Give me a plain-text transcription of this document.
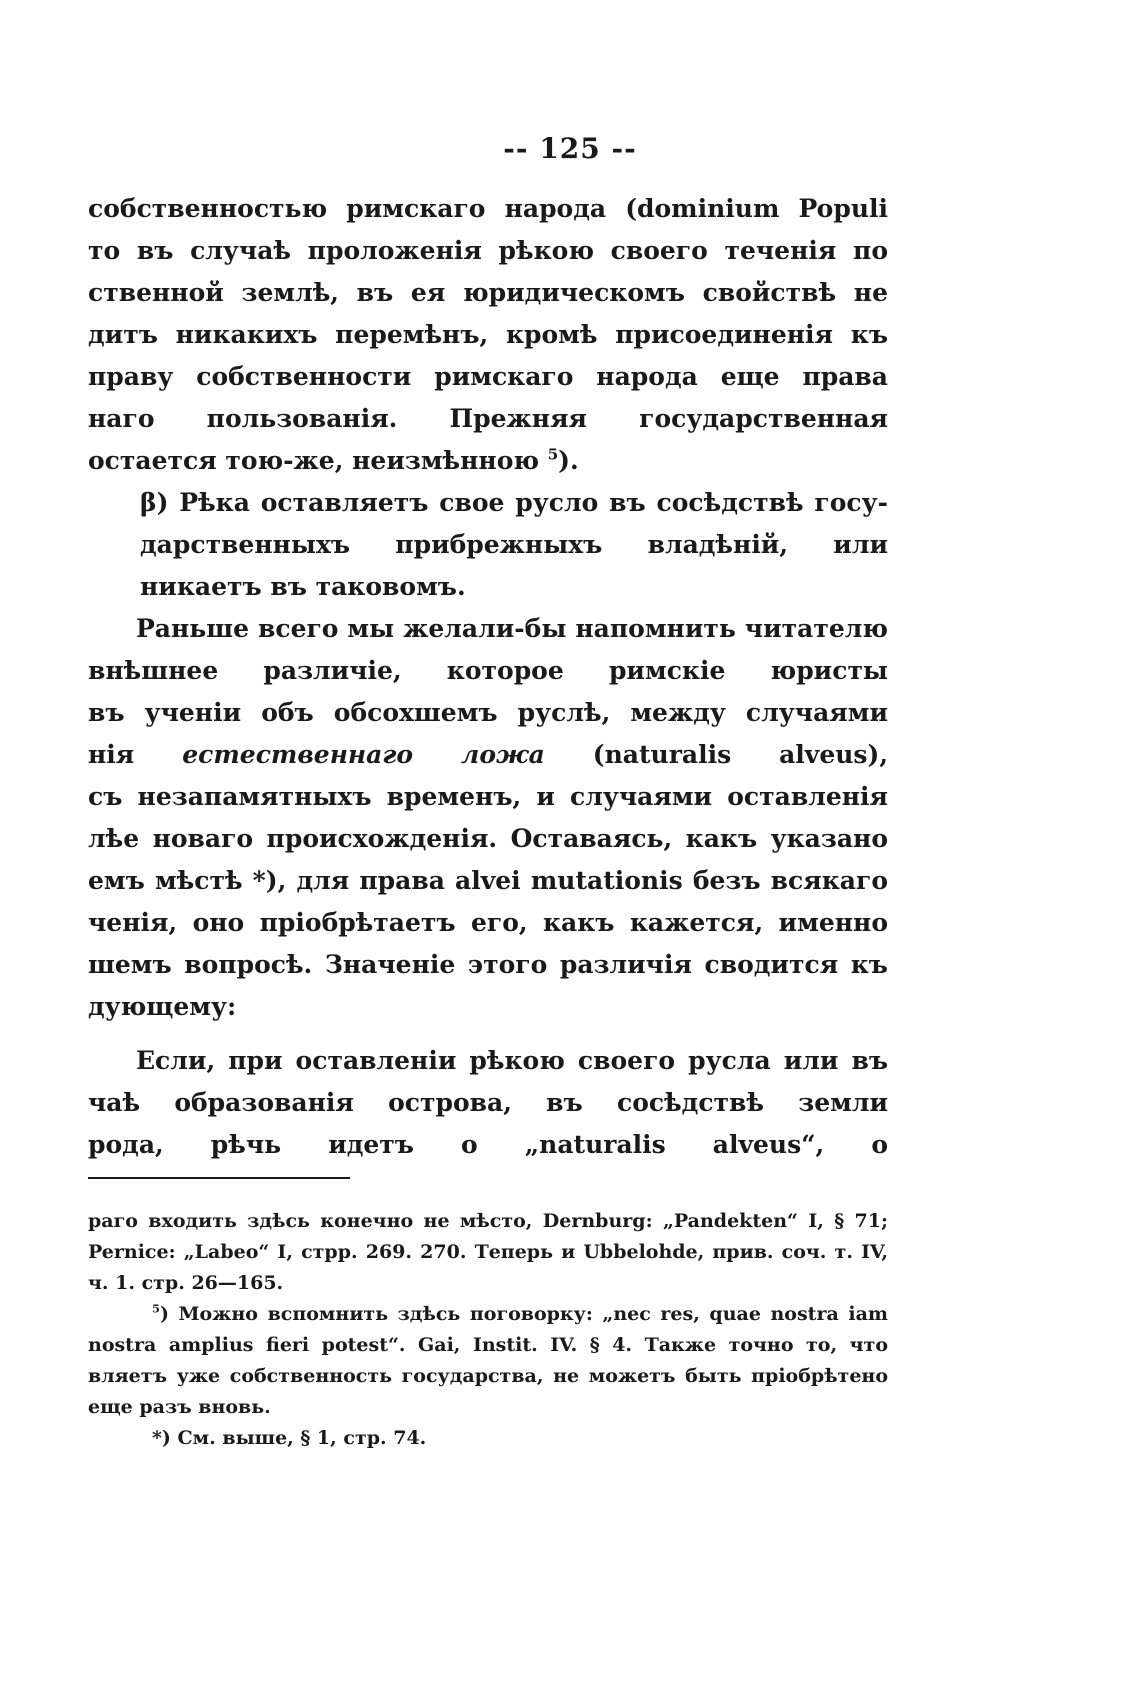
-- 125 --
собственностью римскаго народа (dominium Populi
то въ случаѣ проложенія рѣкою своего теченія по
ственной землѣ, въ ея юридическомъ свойствѣ не
дитъ никакихъ перемѣнъ, кромѣ присоединенія къ
праву собственности римскаго народа еще права
наго пользованія. Прежняя государственная
остается тою-же, неизмѣнною $^5$).
β) Рѣка оставляетъ свое русло въ сосѣдствѣ госу-
дарственныхъ прибрежныхъ владѣній, или
никаетъ въ таковомъ.
Раньше всего мы желали-бы напомнить читателю
внѣшнее различіе, которое римскіе юристы
въ ученіи объ обсохшемъ руслѣ, между случаями
нія естественнаго ложа (naturalis alveus),
съ незапамятныхъ временъ, и случаями оставленія
лѣе новаго происхожденія. Оставаясь, какъ указано
емъ мѣстѣ *), для права alvei mutationis безъ всякаго
ченія, оно пріобрѣтаетъ его, какъ кажется, именно
шемъ вопросѣ. Значеніе этого различія сводится къ
дующему:
Если, при оставленіи рѣкою своего русла или въ
чаѣ образованія острова, въ сосѣдствѣ земли
рода, рѣчь идетъ о „naturalis alveus“, о
раго входить здѣсь конечно не мѣсто, Dernburg: „Pandekten“ I, § 71;
Pernice: „Labeo“ I, стрр. 269. 270. Теперь и Ubbelohde, прив. соч. т. IV,
ч. 1. стр. 26—165.
$^5$) Можно вспомнить здѣсь поговорку: „nec res, quae nostra iam
nostra amplius fieri potest“. Gai, Instit. IV. § 4. Также точно то, что
вляетъ уже собственность государства, не можетъ быть пріобрѣтено
еще разъ вновь.
*) См. выше, § 1, стр. 74.
